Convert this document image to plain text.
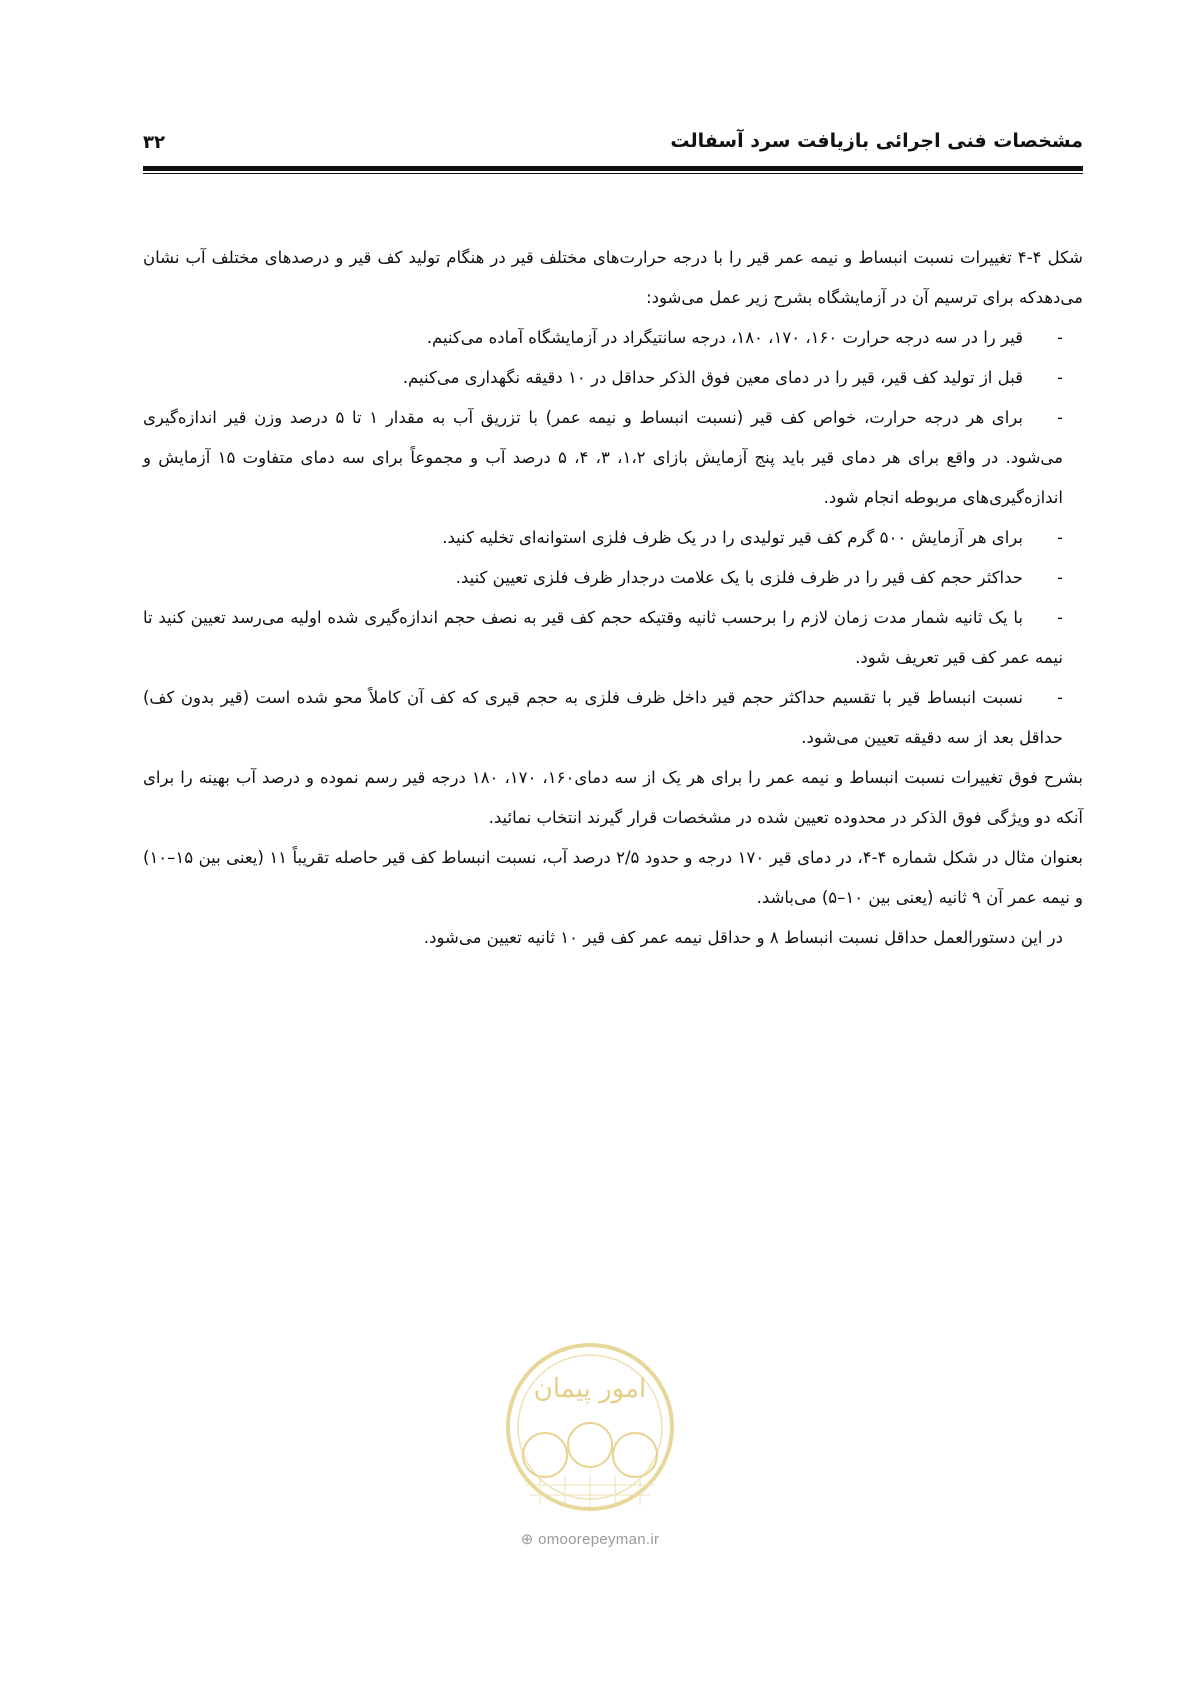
مشخصات فنی اجرائی بازیافت سرد آسفالت
۳۲

شکل ۴-۴ تغییرات نسبت انبساط و نیمه عمر قیر را با درجه حرارت‌های مختلف قیر در هنگام تولید کف قیر و درصدهای مختلف آب نشان می‌دهدکه برای ترسیم آن در آزمایشگاه بشرح زیر عمل می‌شود:

-قیر را در سه درجه حرارت ۱۶۰، ۱۷۰، ۱۸۰، درجه سانتیگراد در آزمایشگاه آماده می‌کنیم.

-قبل از تولید کف قیر، قیر را در دمای معین فوق الذکر حداقل در ۱۰ دقیقه نگهداری می‌کنیم.

-برای هر درجه حرارت، خواص کف قیر (نسبت انبساط و نیمه عمر) با تزریق آب به مقدار ۱ تا ۵ درصد وزن قیر اندازه‌گیری می‌شود. در واقع برای هر دمای قیر باید پنج آزمایش بازای ۱،۲، ۳، ۴، ۵ درصد آب و مجموعاً برای سه دمای متفاوت ۱۵ آزمایش و اندازه‌گیری‌های مربوطه انجام شود.

-برای هر آزمایش ۵۰۰ گرم کف قیر تولیدی را در یک ظرف فلزی استوانه‌ای تخلیه کنید.

-حداکثر حجم کف قیر را در ظرف فلزی با یک علامت درجدار ظرف فلزی تعیین کنید.

-با یک ثانیه شمار مدت زمان لازم را برحسب ثانیه وقتیکه حجم کف قیر به نصف حجم اندازه‌گیری شده اولیه می‌رسد تعیین کنید تا نیمه عمر کف قیر تعریف شود.

-نسبت انبساط قیر با تقسیم حداکثر حجم قیر داخل ظرف فلزی به حجم قیری که کف آن کاملاً محو شده است (قیر بدون کف) حداقل بعد از سه دقیقه تعیین می‌شود.

بشرح فوق تغییرات نسبت انبساط و نیمه عمر را برای هر یک از سه دمای۱۶۰، ۱۷۰، ۱۸۰ درجه قیر رسم نموده و درصد آب بهینه را برای آنکه دو ویژگی فوق الذکر در محدوده تعیین شده در مشخصات قرار گیرند انتخاب نمائید.

بعنوان مثال در شکل شماره ۴-۴، در دمای قیر ۱۷۰ درجه و حدود ۲/۵ درصد آب، نسبت انبساط کف قیر حاصله تقریباً ۱۱ (یعنی بین ۱۵–۱۰) و نیمه عمر آن ۹ ثانیه (یعنی بین ۱۰–۵) می‌باشد.

در این دستورالعمل حداقل نسبت انبساط ۸ و حداقل نیمه عمر کف قیر ۱۰ ثانیه تعیین می‌شود.

امور پیمان
⊕ omoorepeyman.ir
